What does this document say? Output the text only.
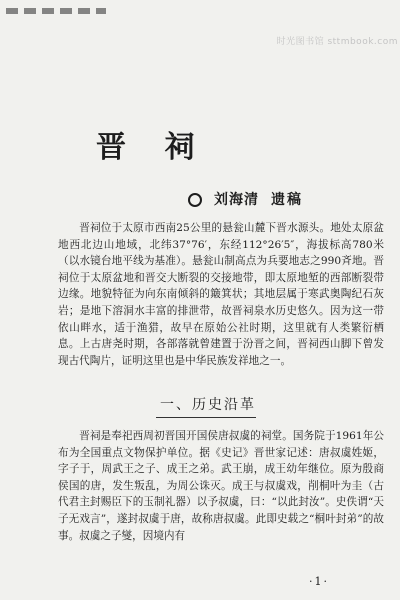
时光图书馆 sttmbook.com
晋 祠
刘海清 遗稿

晋祠位于太原市西南25公里的悬瓮山麓下晋水源头。地处太原盆地西北边山地域，北纬37°76′，东经112°26′5″，海拔标高780米（以水镜台地平线为基准）。悬瓮山制高点为兵要地志之990斉地。晋祠位于太原盆地和晋交大断裂的交接地带，即太原地堑的西部断裂带边缘。地貌特征为向东南倾斜的簸箕状；其地层属于寒武奥陶纪石灰岩；是地下溶洞水丰富的排泄带，故晋祠泉水历史悠久。因为这一带依山畔水，适于渔猎，故早在原始公社时期，这里就有人类繁衍栖息。上古唐尧时期，各部落就曾建置于汾晋之间，晋祠西山脚下曾发现古代陶片，证明这里也是中华民族发祥地之一。

一、历史沿革

晋祠是奉祀西周初晋国开国侯唐叔虞的祠堂。国务院于1961年公布为全国重点文物保护单位。据《史记》晋世家记述：唐叔虞姓姬，字子于，周武王之子、成王之弟。武王崩，成王幼年继位。原为殷商侯国的唐，发生叛乱，为周公诛灭。成王与叔虞戏，削桐叶为圭（古代君主封赐臣下的玉制礼器）以予叔虞，曰：“以此封汝”。史佚谓“天子无戏言”，遂封叔虞于唐，故称唐叔虞。此即史载之“桐叶封弟”的故事。叔虞之子燮，因境内有

·1·
